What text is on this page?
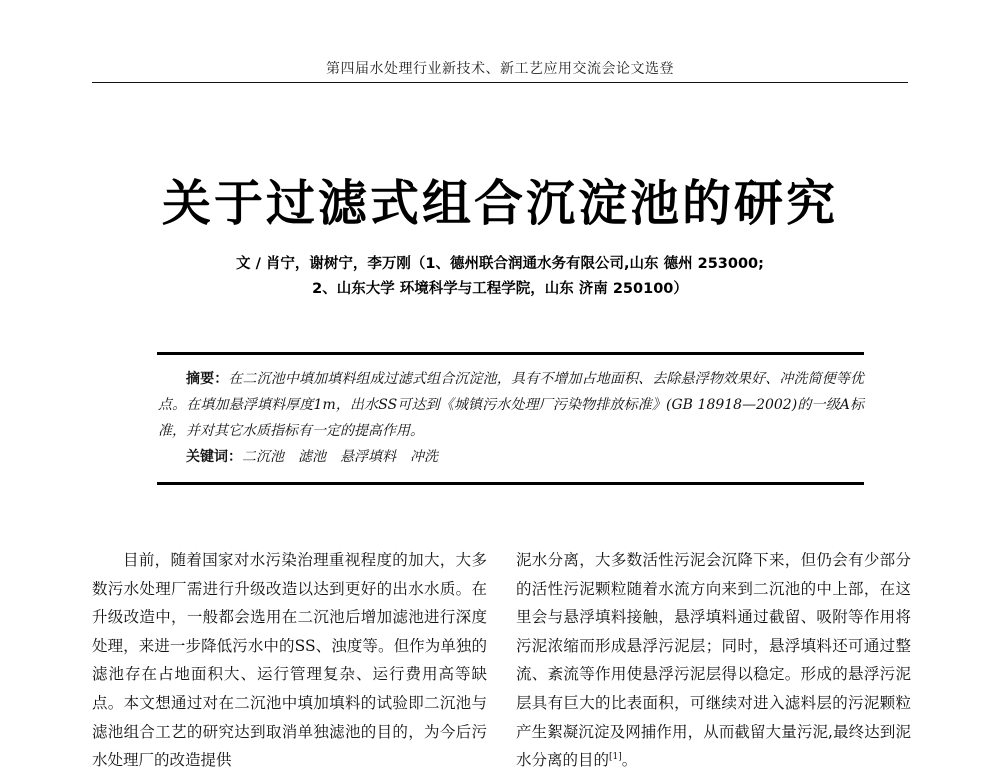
第四届水处理行业新技术、新工艺应用交流会论文选登
关于过滤式组合沉淀池的研究
文 / 肖宁，谢树宁，李万刚（1、德州联合润通水务有限公司,山东 德州 253000;
2、山东大学 环境科学与工程学院，山东 济南 250100）

摘要：在二沉池中填加填料组成过滤式组合沉淀池，具有不增加占地面积、去除悬浮物效果好、冲洗简便等优点。在填加悬浮填料厚度1m，出水SS可达到《城镇污水处理厂污染物排放标准》(GB 18918—2002)的一级A标准，并对其它水质指标有一定的提高作用。

关键词：二沉池　滤池　悬浮填料　冲洗

目前，随着国家对水污染治理重视程度的加大，大多数污水处理厂需进行升级改造以达到更好的出水水质。在升级改造中，一般都会选用在二沉池后增加滤池进行深度处理，来进一步降低污水中的SS、浊度等。但作为单独的滤池存在占地面积大、运行管理复杂、运行费用高等缺点。本文想通过对在二沉池中填加填料的试验即二沉池与滤池组合工艺的研究达到取消单独滤池的目的，为今后污水处理厂的改造提供

泥水分离，大多数活性污泥会沉降下来，但仍会有少部分的活性污泥颗粒随着水流方向来到二沉池的中上部，在这里会与悬浮填料接触，悬浮填料通过截留、吸附等作用将污泥浓缩而形成悬浮污泥层；同时，悬浮填料还可通过整流、紊流等作用使悬浮污泥层得以稳定。形成的悬浮污泥层具有巨大的比表面积，可继续对进入滤料层的污泥颗粒产生絮凝沉淀及网捕作用，从而截留大量污泥,最终达到泥水分离的目的[1]。
